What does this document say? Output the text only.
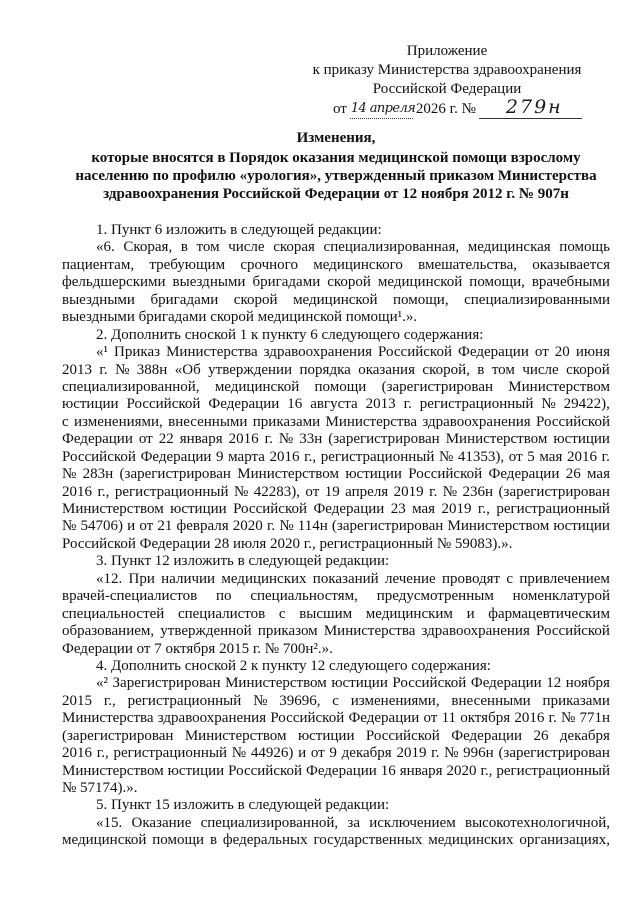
Приложение
к приказу Министерства здравоохранения
Российской Федерации
от 14 апреля 2026 г. № 279н
Изменения,
которые вносятся в Порядок оказания медицинской помощи взрослому
населению по профилю «урология», утвержденный приказом Министерства
здравоохранения Российской Федерации от 12 ноября 2012 г. № 907н
1. Пункт 6 изложить в следующей редакции:
«6. Скорая, в том числе скорая специализированная, медицинская помощь
пациентам, требующим срочного медицинского вмешательства, оказывается
фельдшерскими выездными бригадами скорой медицинской помощи, врачебными
выездными бригадами скорой медицинской помощи, специализированными
выездными бригадами скорой медицинской помощи¹.».
2. Дополнить сноской 1 к пункту 6 следующего содержания:
«¹ Приказ Министерства здравоохранения Российской Федерации от 20 июня
2013 г. № 388н «Об утверждении порядка оказания скорой, в том числе скорой
специализированной, медицинской помощи (зарегистрирован Министерством
юстиции Российской Федерации 16 августа 2013 г. регистрационный № 29422),
с изменениями, внесенными приказами Министерства здравоохранения Российской
Федерации от 22 января 2016 г. № 33н (зарегистрирован Министерством юстиции
Российской Федерации 9 марта 2016 г., регистрационный № 41353), от 5 мая 2016 г.
№ 283н (зарегистрирован Министерством юстиции Российской Федерации 26 мая
2016 г., регистрационный № 42283), от 19 апреля 2019 г. № 236н (зарегистрирован
Министерством юстиции Российской Федерации 23 мая 2019 г., регистрационный
№ 54706) и от 21 февраля 2020 г. № 114н (зарегистрирован Министерством юстиции
Российской Федерации 28 июля 2020 г., регистрационный № 59083).».
3. Пункт 12 изложить в следующей редакции:
«12. При наличии медицинских показаний лечение проводят с привлечением
врачей-специалистов по специальностям, предусмотренным номенклатурой
специальностей специалистов с высшим медицинским и фармацевтическим
образованием, утвержденной приказом Министерства здравоохранения Российской
Федерации от 7 октября 2015 г. № 700н².».
4. Дополнить сноской 2 к пункту 12 следующего содержания:
«² Зарегистрирован Министерством юстиции Российской Федерации 12 ноября
2015 г., регистрационный № 39696, с изменениями, внесенными приказами
Министерства здравоохранения Российской Федерации от 11 октября 2016 г. № 771н
(зарегистрирован Министерством юстиции Российской Федерации 26 декабря
2016 г., регистрационный № 44926) и от 9 декабря 2019 г. № 996н (зарегистрирован
Министерством юстиции Российской Федерации 16 января 2020 г., регистрационный
№ 57174).».
5. Пункт 15 изложить в следующей редакции:
«15. Оказание специализированной, за исключением высокотехнологичной,
медицинской помощи в федеральных государственных медицинских организациях,
